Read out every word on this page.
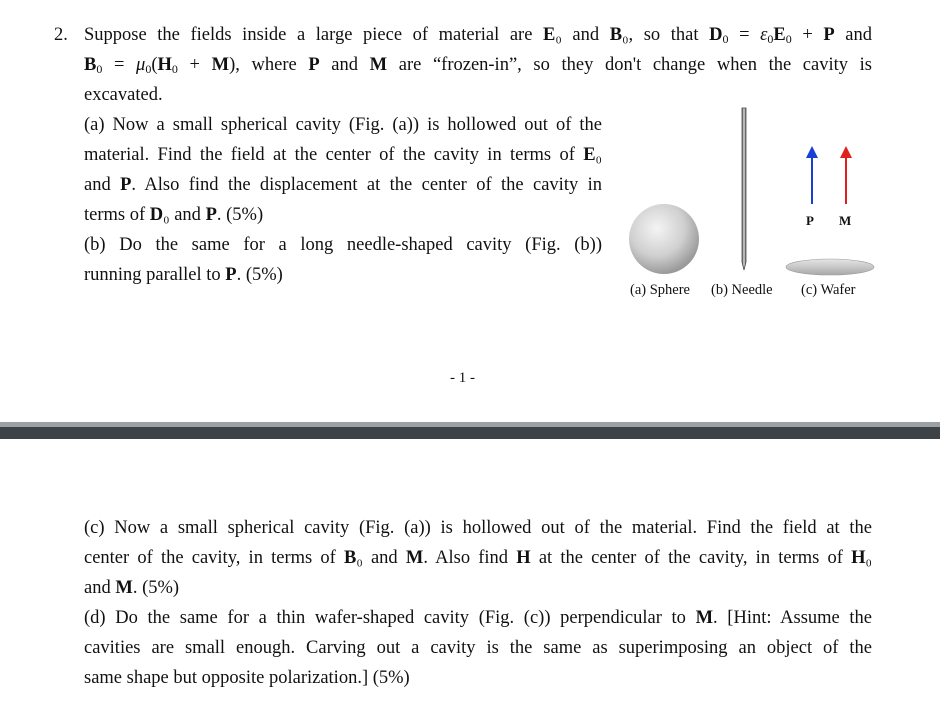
2. Suppose the fields inside a large piece of material are E₀ and B₀, so that $D_0 = \varepsilon_0E_0 + P$ and
$B_0 = \mu_0(H_0 + M)$, where P and M are “frozen-in”, so they don't change when the cavity is
excavated.
(a) Now a small spherical cavity (Fig. (a)) is hollowed out of the
material. Find the field at the center of the cavity in terms of E₀
and P. Also find the displacement at the center of the cavity in
terms of D₀ and P. (5%)
(b) Do the same for a long needle-shaped cavity (Fig. (b))
running parallel to P. (5%)
P M
(a) Sphere (b) Needle (c) Wafer
- 1 -
(c) Now a small spherical cavity (Fig. (a)) is hollowed out of the material. Find the field at the
center of the cavity, in terms of B₀ and M. Also find H at the center of the cavity, in terms of H₀
and M. (5%)
(d) Do the same for a thin wafer-shaped cavity (Fig. (c)) perpendicular to M. [Hint: Assume the
cavities are small enough. Carving out a cavity is the same as superimposing an object of the
same shape but opposite polarization.] (5%)
